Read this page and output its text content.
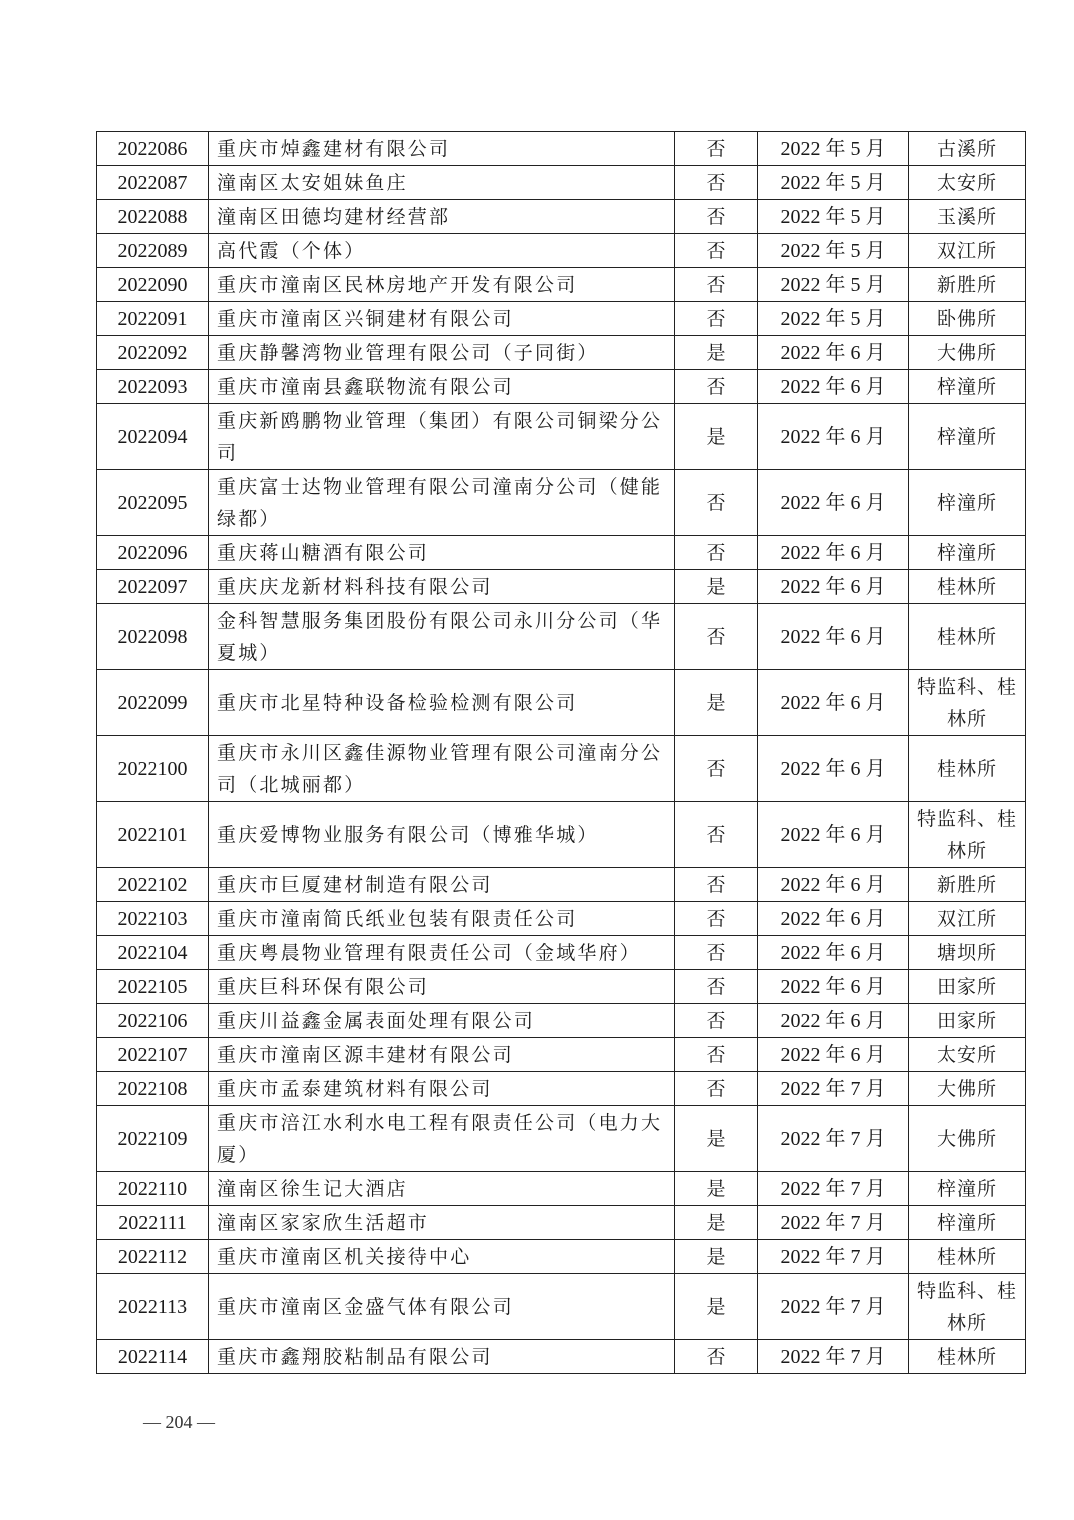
2022086	重庆市焯鑫建材有限公司	否	2022 年 5 月	古溪所
2022087	潼南区太安姐妹鱼庄	否	2022 年 5 月	太安所
2022088	潼南区田德均建材经营部	否	2022 年 5 月	玉溪所
2022089	高代霞（个体）	否	2022 年 5 月	双江所
2022090	重庆市潼南区民林房地产开发有限公司	否	2022 年 5 月	新胜所
2022091	重庆市潼南区兴铜建材有限公司	否	2022 年 5 月	卧佛所
2022092	重庆静馨湾物业管理有限公司（子同街）	是	2022 年 6 月	大佛所
2022093	重庆市潼南县鑫联物流有限公司	否	2022 年 6 月	梓潼所
2022094	重庆新鸥鹏物业管理（集团）有限公司铜梁分公司	是	2022 年 6 月	梓潼所
2022095	重庆富士达物业管理有限公司潼南分公司（健能绿都）	否	2022 年 6 月	梓潼所
2022096	重庆蒋山糖酒有限公司	否	2022 年 6 月	梓潼所
2022097	重庆庆龙新材料科技有限公司	是	2022 年 6 月	桂林所
2022098	金科智慧服务集团股份有限公司永川分公司（华夏城）	否	2022 年 6 月	桂林所
2022099	重庆市北星特种设备检验检测有限公司	是	2022 年 6 月	特监科、桂林所
2022100	重庆市永川区鑫佳源物业管理有限公司潼南分公司（北城丽都）	否	2022 年 6 月	桂林所
2022101	重庆爱博物业服务有限公司（博雅华城）	否	2022 年 6 月	特监科、桂林所
2022102	重庆市巨厦建材制造有限公司	否	2022 年 6 月	新胜所
2022103	重庆市潼南简氏纸业包装有限责任公司	否	2022 年 6 月	双江所
2022104	重庆粤晨物业管理有限责任公司（金域华府）	否	2022 年 6 月	塘坝所
2022105	重庆巨科环保有限公司	否	2022 年 6 月	田家所
2022106	重庆川益鑫金属表面处理有限公司	否	2022 年 6 月	田家所
2022107	重庆市潼南区源丰建材有限公司	否	2022 年 6 月	太安所
2022108	重庆市孟泰建筑材料有限公司	否	2022 年 7 月	大佛所
2022109	重庆市涪江水利水电工程有限责任公司（电力大厦）	是	2022 年 7 月	大佛所
2022110	潼南区徐生记大酒店	是	2022 年 7 月	梓潼所
2022111	潼南区家家欣生活超市	是	2022 年 7 月	梓潼所
2022112	重庆市潼南区机关接待中心	是	2022 年 7 月	桂林所
2022113	重庆市潼南区金盛气体有限公司	是	2022 年 7 月	特监科、桂林所
2022114	重庆市鑫翔胶粘制品有限公司	否	2022 年 7 月	桂林所
— 204 —
